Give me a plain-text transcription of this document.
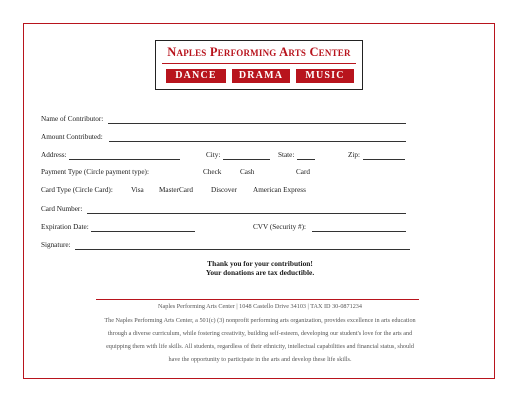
Naples Performing Arts Center
DANCE	DRAMA	MUSIC
Name of Contributor:
Amount Contributed:
Address:	City:	State:	Zip:
Payment Type (Circle payment type):	Check	Cash	Card
Card Type (Circle Card):	Visa MasterCard	Discover American Express
Card Number:
Expiration Date:	CVV (Security #):
Signature:
Thank you for your contribution!
Your donations are tax deductible.
Naples Performing Arts Center | 1048 Castello Drive 34103 | TAX ID 30-0871234
The Naples Performing Arts Center, a 501(c) (3) nonprofit performing arts organization, provides excellence in arts education
through a diverse curriculum, while fostering creativity, building self-esteem, developing our student's love for the arts and
equipping them with life skills. All students, regardless of their ethnicity, intellectual capabilities and financial status, should
have the opportunity to participate in the arts and develop these life skills.
